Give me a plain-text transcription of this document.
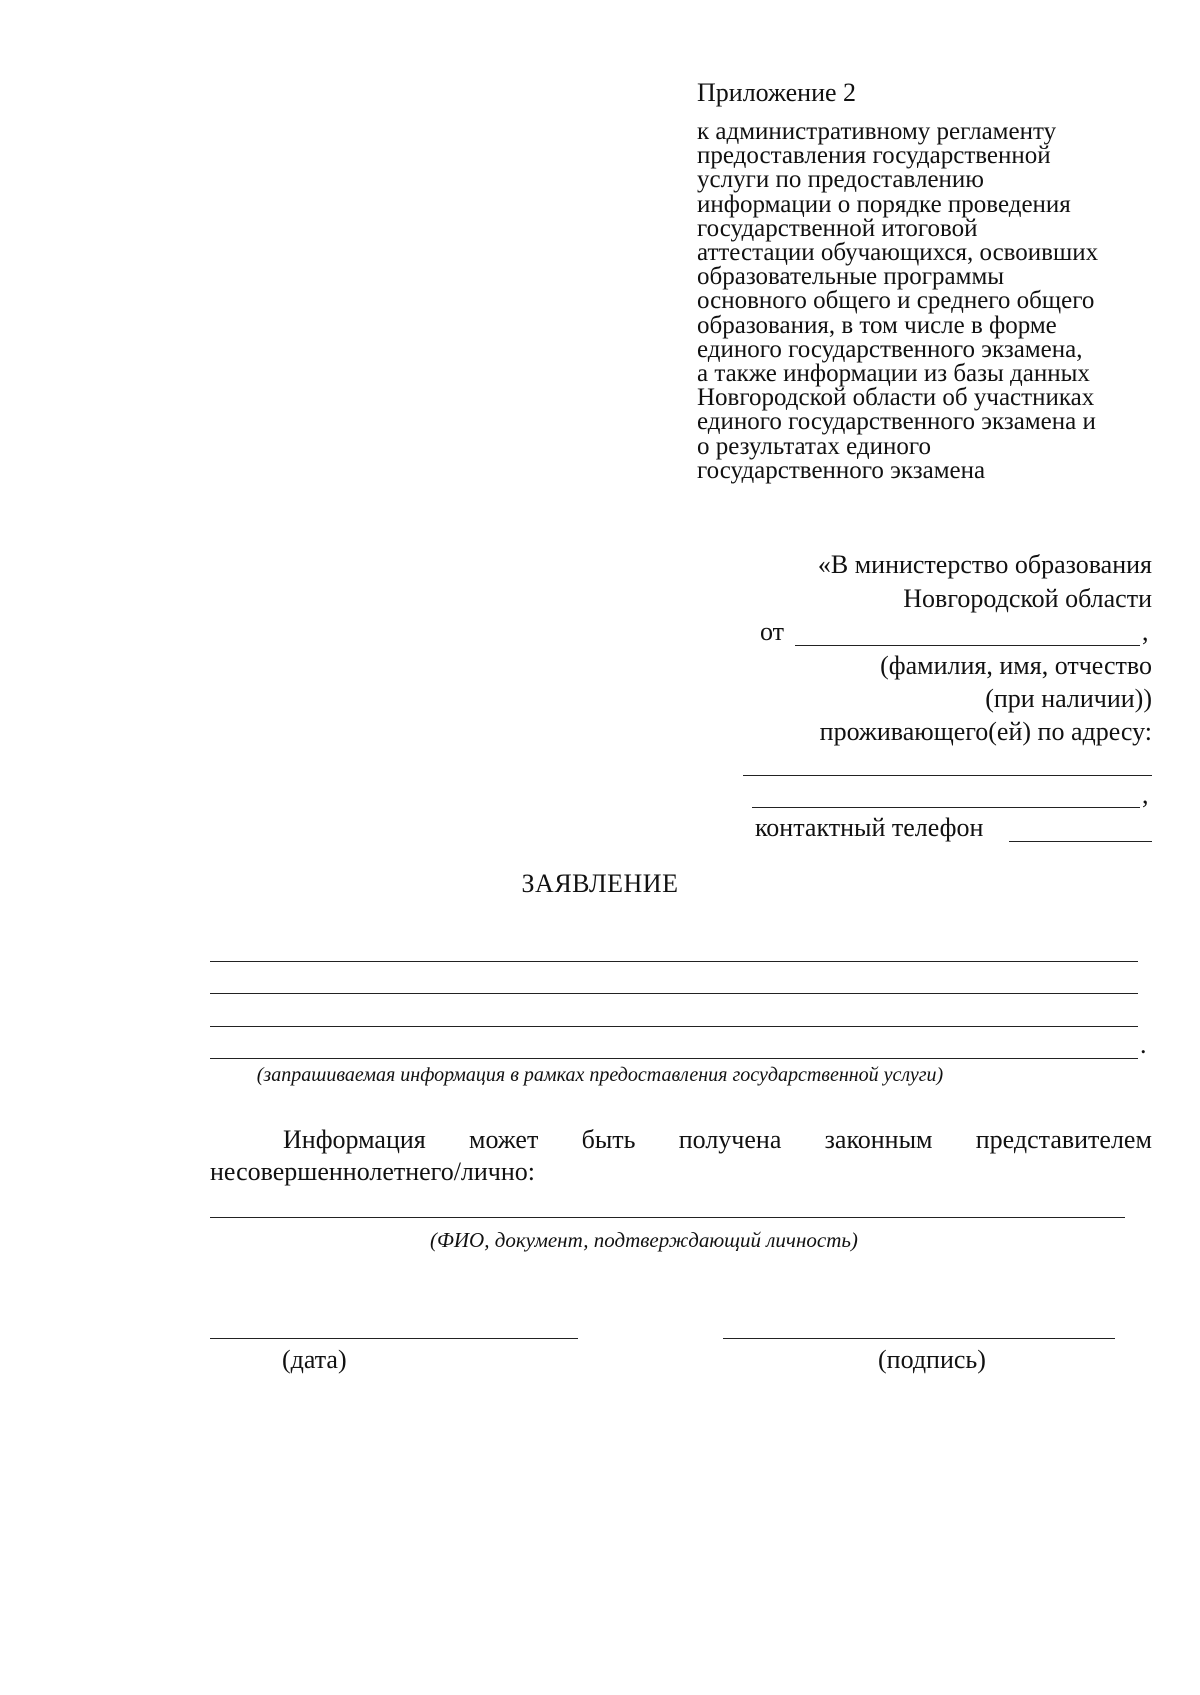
Приложение 2
к административному регламенту
предоставления государственной
услуги по предоставлению
информации о порядке проведения
государственной итоговой
аттестации обучающихся, освоивших
образовательные программы
основного общего и среднего общего
образования, в том числе в форме
единого государственного экзамена,
а также информации из базы данных
Новгородской области об участниках
единого государственного экзамена и
о результатах единого
государственного экзамена
«В министерство образования
Новгородской области
от	,
(фамилия, имя, отчество
(при наличии))
проживающего(ей) по адресу:
,
контактный телефон
ЗАЯВЛЕНИЕ
.
(запрашиваемая информация в рамках предоставления государственной услуги)
Информация может быть получена законным представителем
несовершеннолетнего/лично:
(ФИО, документ, подтверждающий личность)
(дата)	(подпись)
